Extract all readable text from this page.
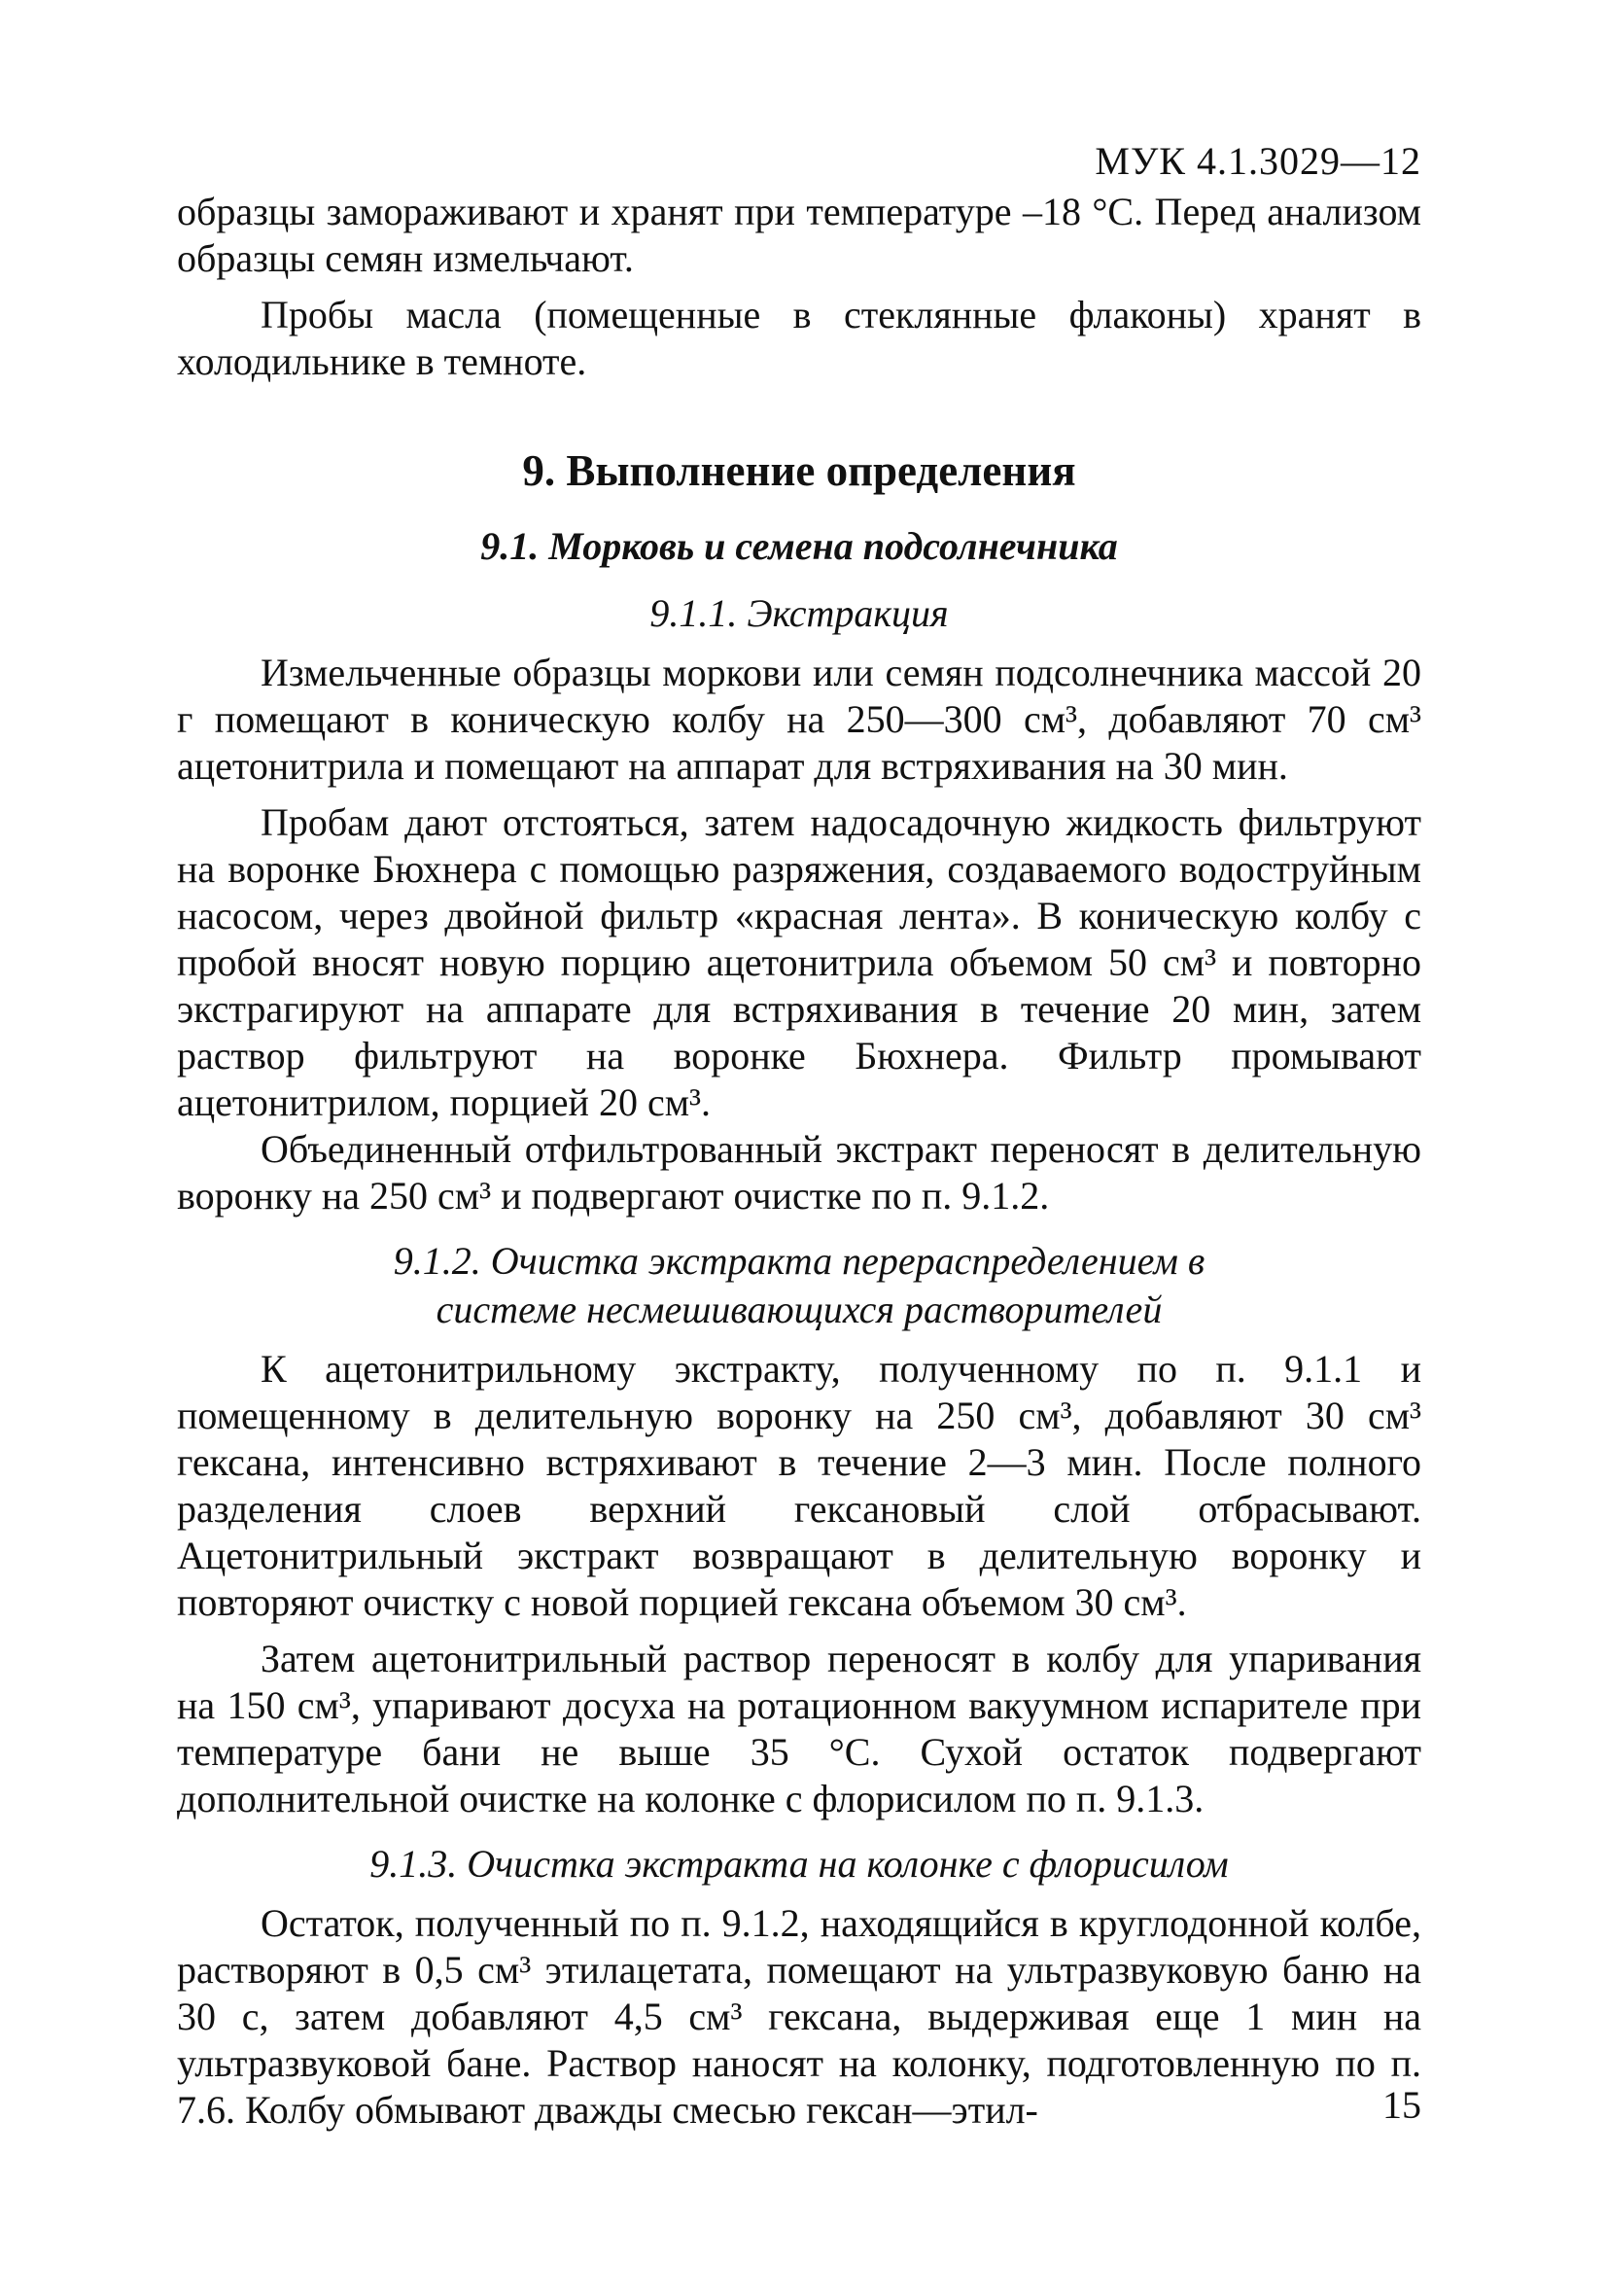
МУК 4.1.3029—12

образцы замораживают и хранят при температуре –18 °С. Перед анализом образцы семян измельчают.

Пробы масла (помещенные в стеклянные флаконы) хранят в холодильнике в темноте.

9. Выполнение определения
9.1. Морковь и семена подсолнечника
9.1.1. Экстракция

Измельченные образцы моркови или семян подсолнечника массой 20 г помещают в коническую колбу на 250—300 см³, добавляют 70 см³ ацетонитрила и помещают на аппарат для встряхивания на 30 мин.

Пробам дают отстояться, затем надосадочную жидкость фильтруют на воронке Бюхнера с помощью разряжения, создаваемого водоструйным насосом, через двойной фильтр «красная лента». В коническую колбу с пробой вносят новую порцию ацетонитрила объемом 50 см³ и повторно экстрагируют на аппарате для встряхивания в течение 20 мин, затем раствор фильтруют на воронке Бюхнера. Фильтр промывают ацетонитрилом, порцией 20 см³.

Объединенный отфильтрованный экстракт переносят в делительную воронку на 250 см³ и подвергают очистке по п. 9.1.2.

9.1.2. Очистка экстракта перераспределением в системе несмешивающихся растворителей

К ацетонитрильному экстракту, полученному по п. 9.1.1 и помещенному в делительную воронку на 250 см³, добавляют 30 см³ гексана, интенсивно встряхивают в течение 2—3 мин. После полного разделения слоев верхний гексановый слой отбрасывают. Ацетонитрильный экстракт возвращают в делительную воронку и повторяют очистку с новой порцией гексана объемом 30 см³.

Затем ацетонитрильный раствор переносят в колбу для упаривания на 150 см³, упаривают досуха на ротационном вакуумном испарителе при температуре бани не выше 35 °С. Сухой остаток подвергают дополнительной очистке на колонке с флорисилом по п. 9.1.3.

9.1.3. Очистка экстракта на колонке с флорисилом

Остаток, полученный по п. 9.1.2, находящийся в круглодонной колбе, растворяют в 0,5 см³ этилацетата, помещают на ультразвуковую баню на 30 с, затем добавляют 4,5 см³ гексана, выдерживая еще 1 мин на ультразвуковой бане. Раствор наносят на колонку, подготовленную по п. 7.6. Колбу обмывают дважды смесью гексан—этил-	15
